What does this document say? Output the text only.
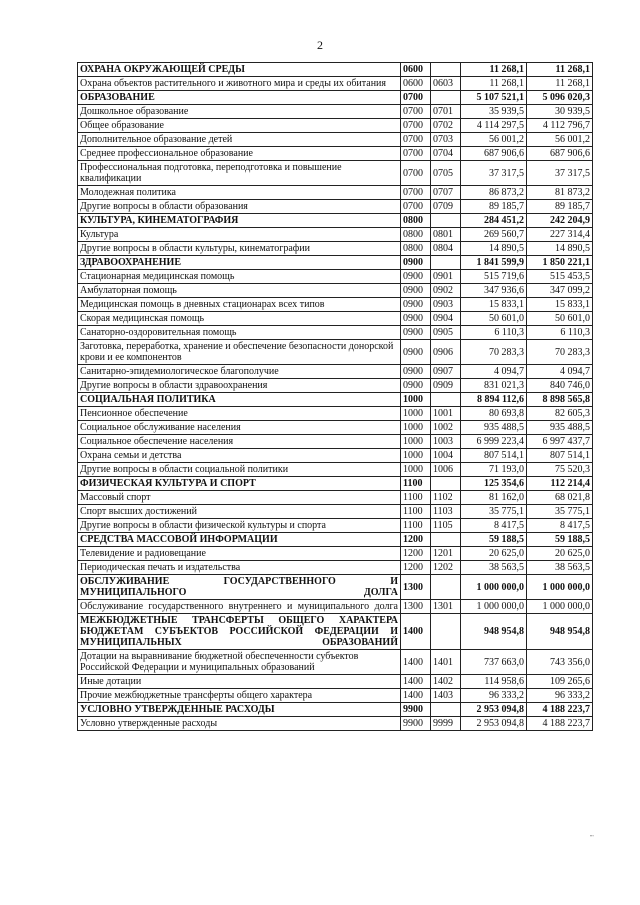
2
ОХРАНА ОКРУЖАЮЩЕЙ СРЕДЫ	0600		11 268,1	11 268,1
Охрана объектов растительного и животного мира и среды их обитания	0600	0603	11 268,1	11 268,1
ОБРАЗОВАНИЕ	0700		5 107 521,1	5 096 020,3
Дошкольное образование	0700	0701	35 939,5	30 939,5
Общее образование	0700	0702	4 114 297,5	4 112 796,7
Дополнительное образование детей	0700	0703	56 001,2	56 001,2
Среднее профессиональное образование	0700	0704	687 906,6	687 906,6
Профессиональная подготовка, переподготовка и повышение квалификации	0700	0705	37 317,5	37 317,5
Молодежная политика	0700	0707	86 873,2	81 873,2
Другие вопросы в области образования	0700	0709	89 185,7	89 185,7
КУЛЬТУРА, КИНЕМАТОГРАФИЯ	0800		284 451,2	242 204,9
Культура	0800	0801	269 560,7	227 314,4
Другие вопросы в области культуры, кинематографии	0800	0804	14 890,5	14 890,5
ЗДРАВООХРАНЕНИЕ	0900		1 841 599,9	1 850 221,1
Стационарная медицинская помощь	0900	0901	515 719,6	515 453,5
Амбулаторная помощь	0900	0902	347 936,6	347 099,2
Медицинская помощь в дневных стационарах всех типов	0900	0903	15 833,1	15 833,1
Скорая медицинская помощь	0900	0904	50 601,0	50 601,0
Санаторно-оздоровительная помощь	0900	0905	6 110,3	6 110,3
Заготовка, переработка, хранение и обеспечение безопасности донорской крови и ее компонентов	0900	0906	70 283,3	70 283,3
Санитарно-эпидемиологическое благополучие	0900	0907	4 094,7	4 094,7
Другие вопросы в области здравоохранения	0900	0909	831 021,3	840 746,0
СОЦИАЛЬНАЯ ПОЛИТИКА	1000		8 894 112,6	8 898 565,8
Пенсионное обеспечение	1000	1001	80 693,8	82 605,3
Социальное обслуживание населения	1000	1002	935 488,5	935 488,5
Социальное обеспечение населения	1000	1003	6 999 223,4	6 997 437,7
Охрана семьи и детства	1000	1004	807 514,1	807 514,1
Другие вопросы в области социальной политики	1000	1006	71 193,0	75 520,3
ФИЗИЧЕСКАЯ КУЛЬТУРА И СПОРТ	1100		125 354,6	112 214,4
Массовый спорт	1100	1102	81 162,0	68 021,8
Спорт высших достижений	1100	1103	35 775,1	35 775,1
Другие вопросы в области физической культуры и спорта	1100	1105	8 417,5	8 417,5
СРЕДСТВА МАССОВОЙ ИНФОРМАЦИИ	1200		59 188,5	59 188,5
Телевидение и радиовещание	1200	1201	20 625,0	20 625,0
Периодическая печать и издательства	1200	1202	38 563,5	38 563,5
ОБСЛУЖИВАНИЕ ГОСУДАРСТВЕННОГО И МУНИЦИПАЛЬНОГО ДОЛГА	1300		1 000 000,0	1 000 000,0
Обслуживание государственного внутреннего и муниципального долга	1300	1301	1 000 000,0	1 000 000,0
МЕЖБЮДЖЕТНЫЕ ТРАНСФЕРТЫ ОБЩЕГО ХАРАКТЕРА БЮДЖЕТАМ СУБЪЕКТОВ РОССИЙСКОЙ ФЕДЕРАЦИИ И МУНИЦИПАЛЬНЫХ ОБРАЗОВАНИЙ	1400		948 954,8	948 954,8
Дотации на выравнивание бюджетной обеспеченности субъектов Российской Федерации и муниципальных образований	1400	1401	737 663,0	743 356,0
Иные дотации	1400	1402	114 958,6	109 265,6
Прочие межбюджетные трансферты общего характера	1400	1403	96 333,2	96 333,2
УСЛОВНО УТВЕРЖДЕННЫЕ РАСХОДЫ	9900		2 953 094,8	4 188 223,7
Условно утвержденные расходы	9900	9999	2 953 094,8	4 188 223,7
"'
